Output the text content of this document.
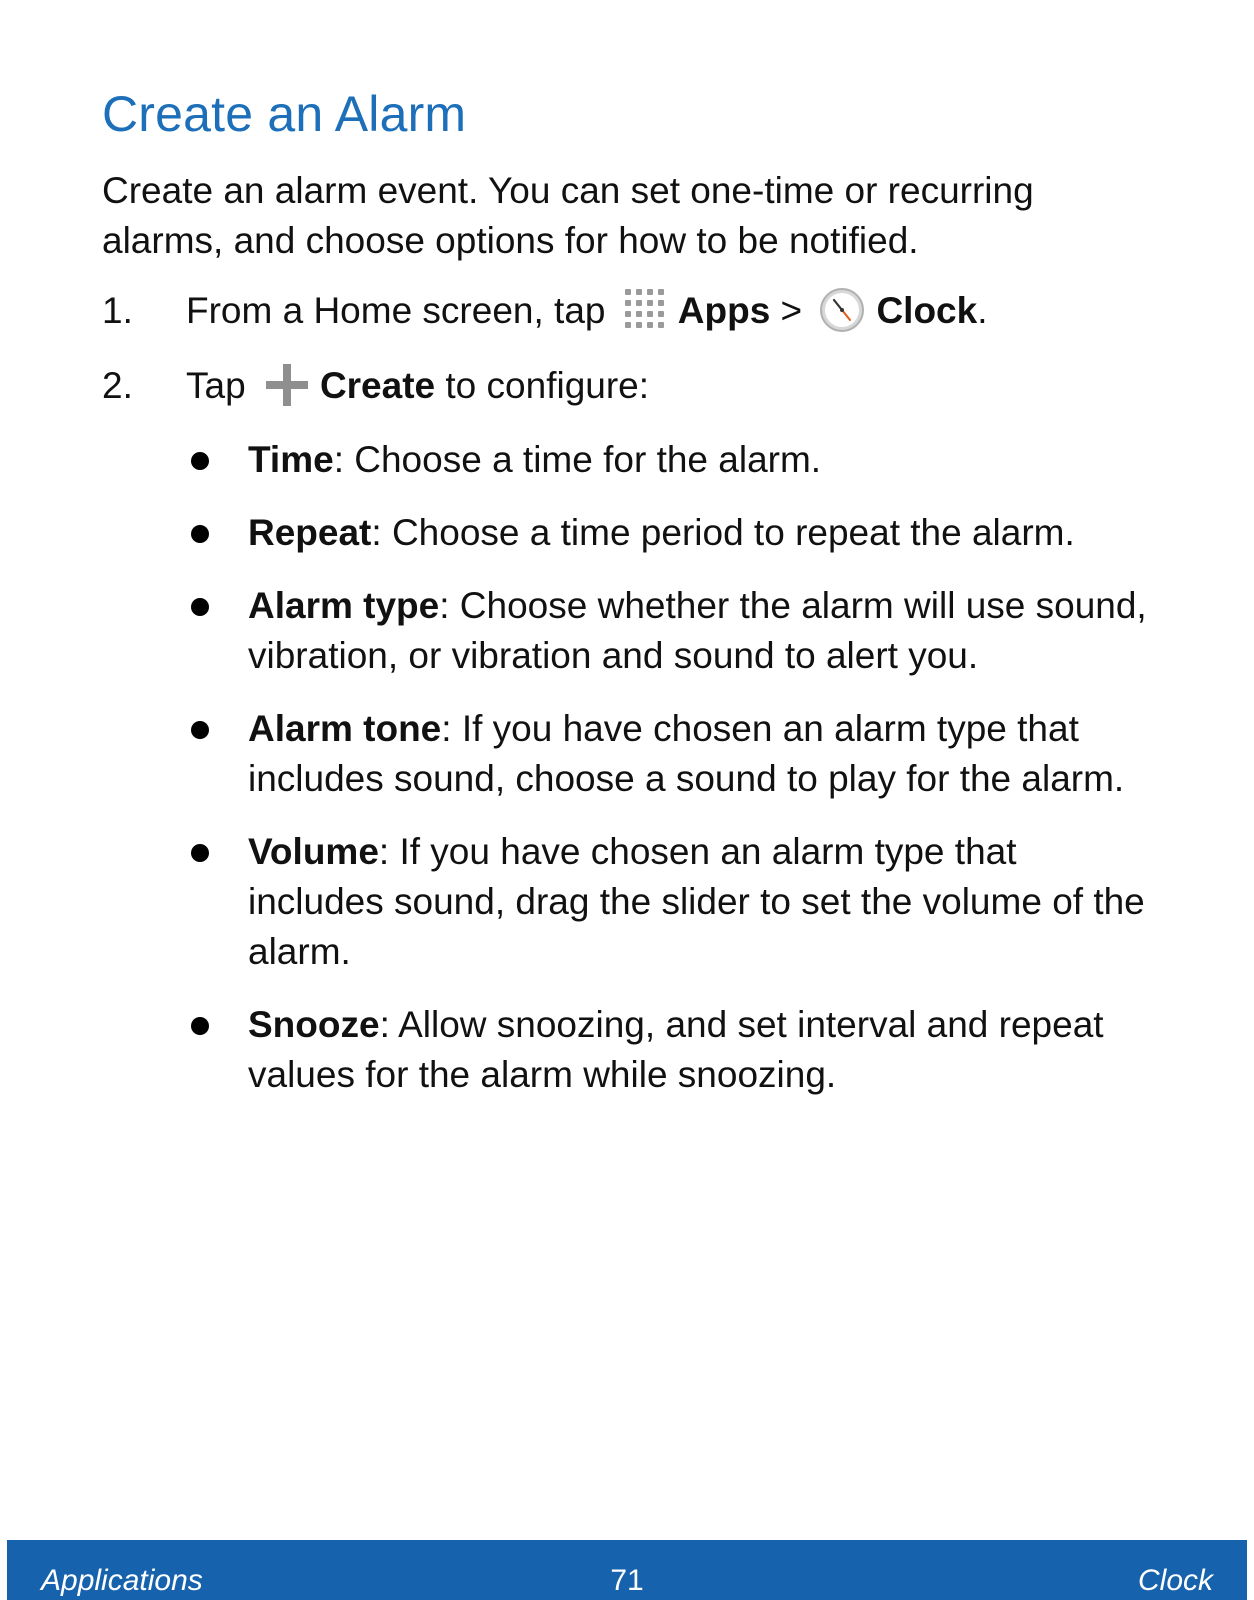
Create an Alarm

Create an alarm event. You can set one-time or recurring alarms, and choose options for how to be notified.

1. From a Home screen, tap Apps > Clock.
2. Tap Create to configure:
Time: Choose a time for the alarm.
Repeat: Choose a time period to repeat the alarm.
Alarm type: Choose whether the alarm will use sound, vibration, or vibration and sound to alert you.
Alarm tone: If you have chosen an alarm type that includes sound, choose a sound to play for the alarm.
Volume: If you have chosen an alarm type that includes sound, drag the slider to set the volume of the alarm.
Snooze: Allow snoozing, and set interval and repeat values for the alarm while snoozing.
Applications	71	Clock
